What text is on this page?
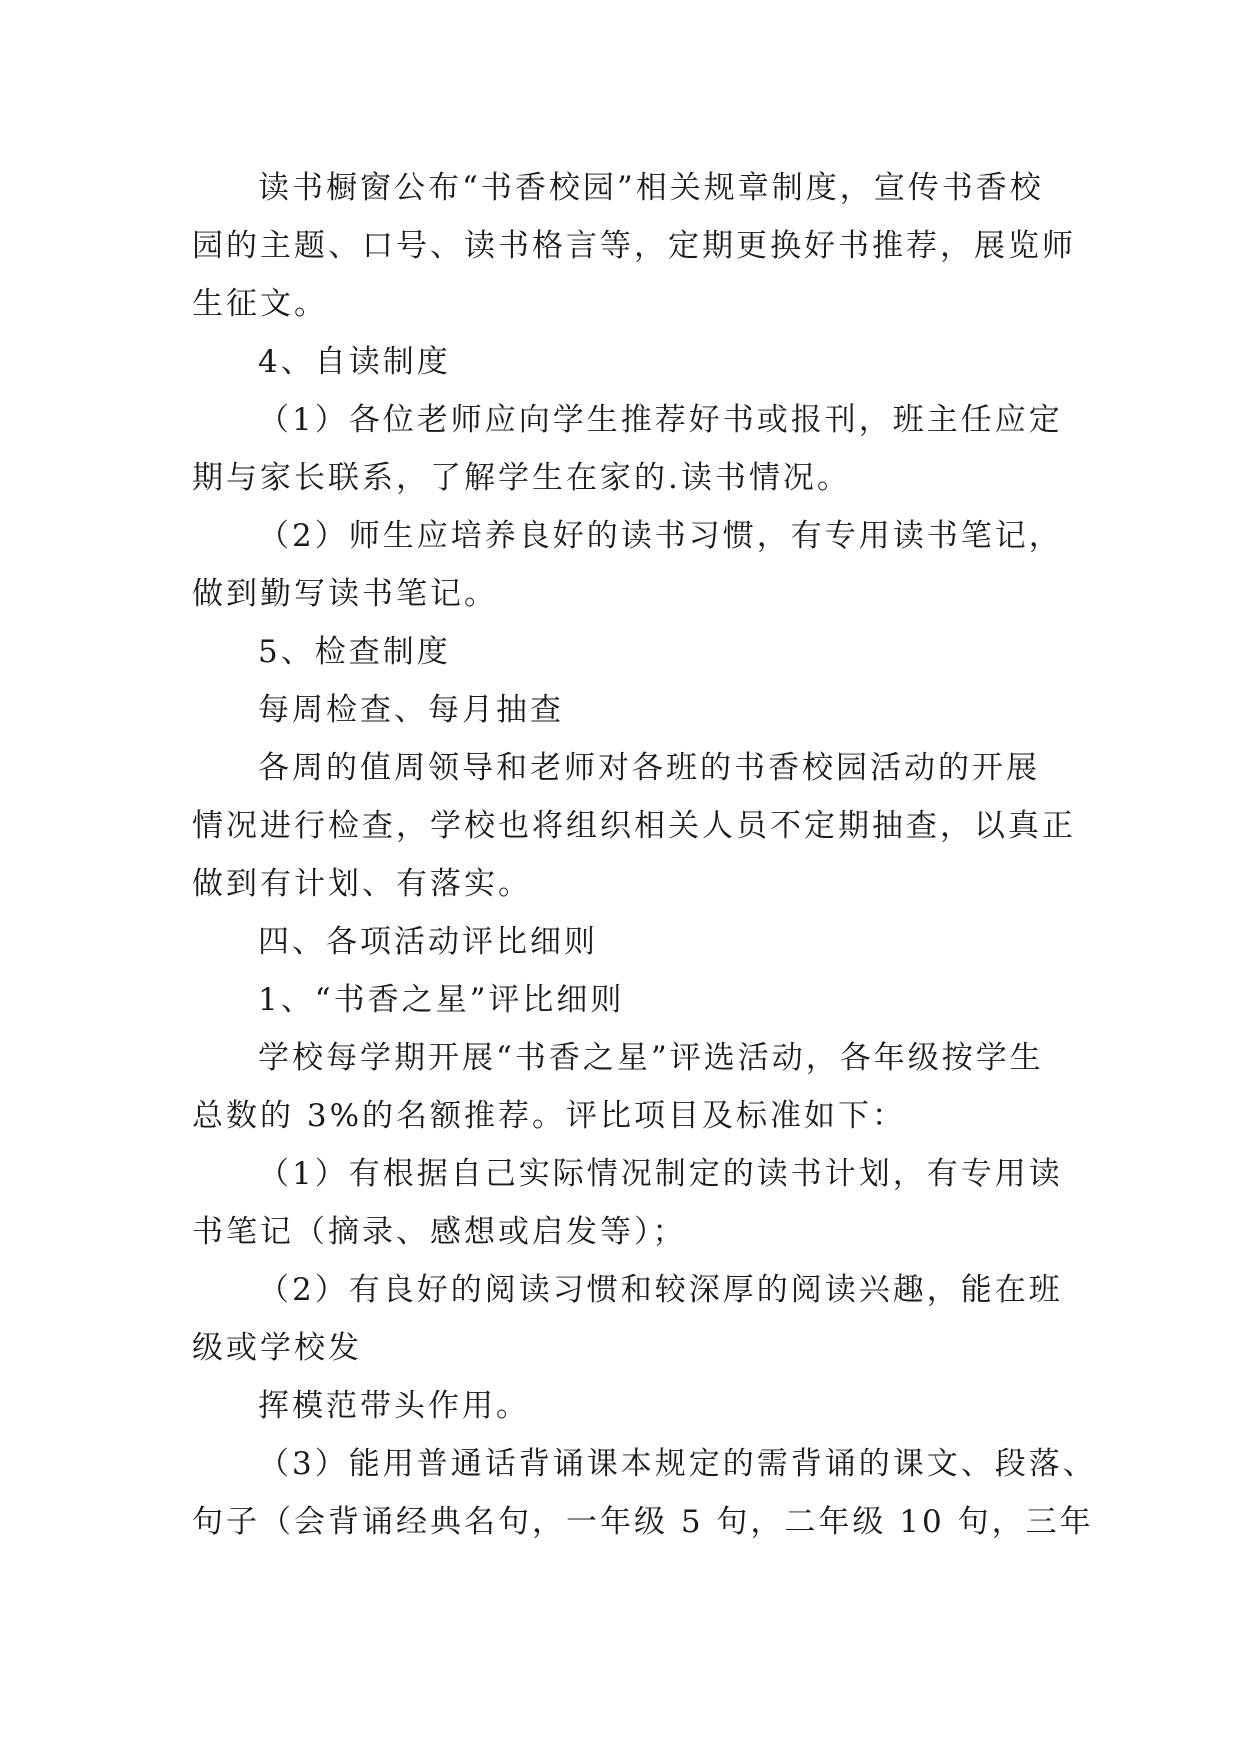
读书橱窗公布“书香校园”相关规章制度，宣传书香校
园的主题、口号、读书格言等，定期更换好书推荐，展览师
生征文。
4、自读制度
（1）各位老师应向学生推荐好书或报刊，班主任应定
期与家长联系，了解学生在家的.读书情况。
（2）师生应培养良好的读书习惯，有专用读书笔记，
做到勤写读书笔记。
5、检查制度
每周检查、每月抽查
各周的值周领导和老师对各班的书香校园活动的开展
情况进行检查，学校也将组织相关人员不定期抽查，以真正
做到有计划、有落实。
四、各项活动评比细则
1、“书香之星”评比细则
学校每学期开展“书香之星”评选活动，各年级按学生
总数的 3%的名额推荐。评比项目及标准如下：
（1）有根据自己实际情况制定的读书计划，有专用读
书笔记（摘录、感想或启发等）；
（2）有良好的阅读习惯和较深厚的阅读兴趣，能在班
级或学校发
挥模范带头作用。
（3）能用普通话背诵课本规定的需背诵的课文、段落、
句子（会背诵经典名句，一年级 5 句，二年级 10 句，三年
